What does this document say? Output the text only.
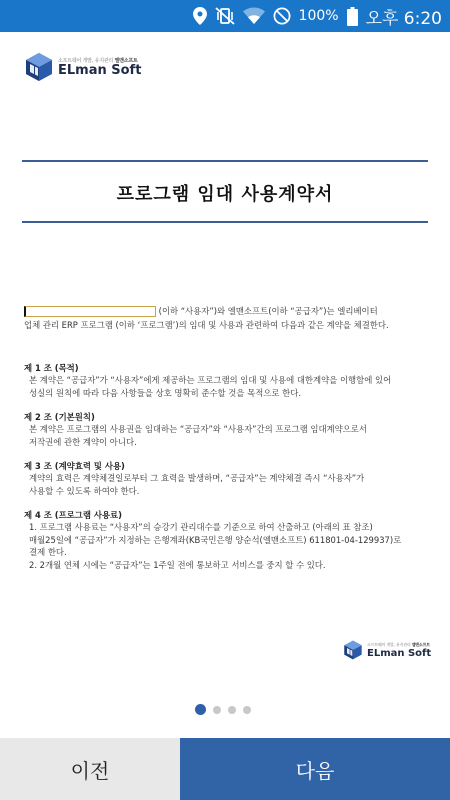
100% 오후 6:20
소프트웨어 개발, 유지관리 엘맨소프트
ELman Soft
프로그램 임대 사용계약서
(이하 “사용자”)와 엘맨소프트(이하 “공급자”)는 엘리베이터
업체 관리 ERP 프로그램 (이하 ‘프로그램’)의 임대 및 사용과 관련하여 다음과 같은 계약을 체결한다.
제 1 조 (목적)
본 계약은 “공급자”가 “사용자”에게 제공하는 프로그램의 임대 및 사용에 대한계약을 이행함에 있어
성실의 원칙에 따라 다음 사항들을 상호 명확히 준수할 것을 목적으로 한다.
제 2 조 (기본원칙)
본 계약은 프로그램의 사용권을 임대하는 “공급자”와 “사용자”간의 프로그램 임대계약으로서
저작권에 관한 계약이 아니다.
제 3 조 (계약효력 및 사용)
계약의 효력은 계약체결일로부터 그 효력을 발생하며, “공급자”는 계약체결 즉시 “사용자”가
사용할 수 있도록 하여야 한다.
제 4 조 (프로그램 사용료)
1. 프로그램 사용료는 “사용자”의 승강기 관리대수를 기준으로 하여 산출하고 (아래의 표 참조)
매월25일에 “공급자”가 지정하는 은행계좌(KB국민은행 양순석(엘맨소프트) 611801-04-129937)로
결제 한다.
2. 2개월 연체 시에는 “공급자”는 1주일 전에 통보하고 서비스를 중지 할 수 있다.
소프트웨어 개발, 유지관리 엘맨소프트
ELman Soft
이전	다음
